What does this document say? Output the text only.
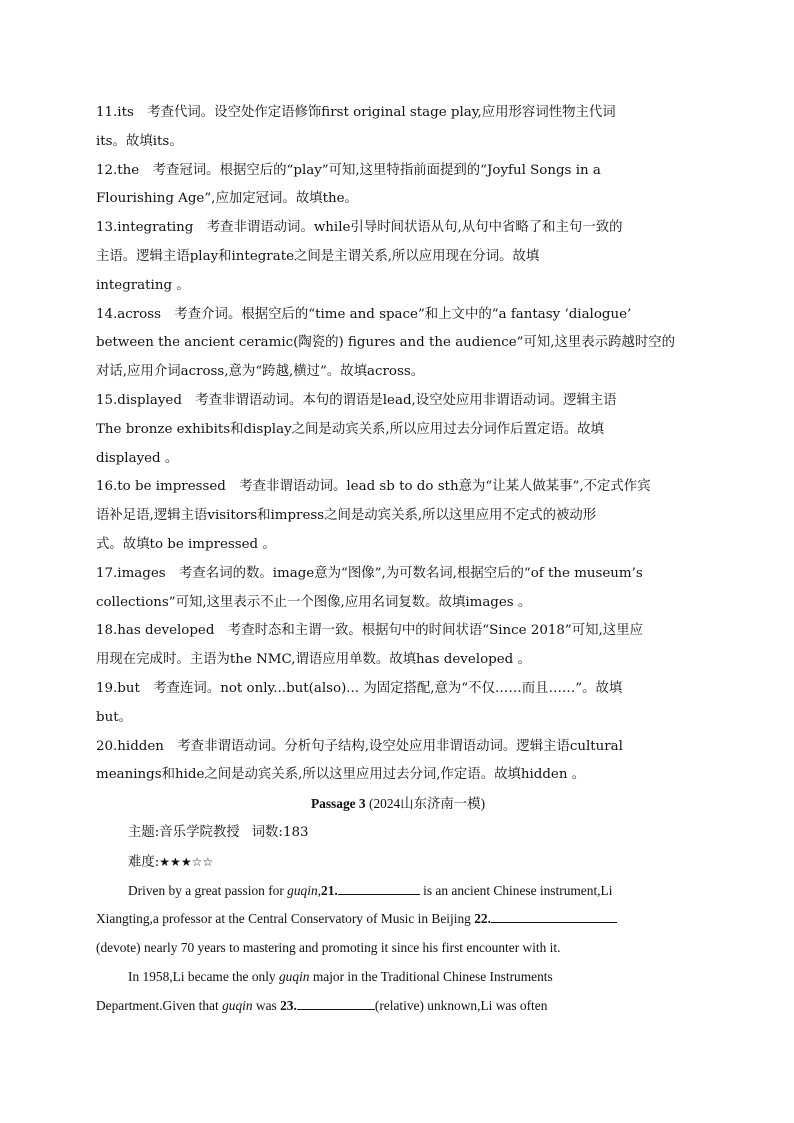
11.its　考查代词。设空处作定语修饰first original stage play,应用形容词性物主代词
its。故填its。
12.the　考查冠词。根据空后的“play”可知,这里特指前面提到的“Joyful Songs in a
Flourishing Age”,应加定冠词。故填the。
13.integrating　考查非谓语动词。while引导时间状语从句,从句中省略了和主句一致的
主语。逻辑主语play和integrate之间是主谓关系,所以应用现在分词。故填
integrating 。
14.across　考查介词。根据空后的“time and space”和上文中的“a fantasy ‘dialogue’
between the ancient ceramic(陶瓷的) figures and the audience”可知,这里表示跨越时空的
对话,应用介词across,意为“跨越,横过”。故填across。
15.displayed　考查非谓语动词。本句的谓语是lead,设空处应用非谓语动词。逻辑主语
The bronze exhibits和display之间是动宾关系,所以应用过去分词作后置定语。故填
displayed 。
16.to be impressed　考查非谓语动词。lead sb to do sth意为“让某人做某事”,不定式作宾
语补足语,逻辑主语visitors和impress之间是动宾关系,所以这里应用不定式的被动形
式。故填to be impressed 。
17.images　考查名词的数。image意为“图像”,为可数名词,根据空后的“of the museum’s
collections”可知,这里表示不止一个图像,应用名词复数。故填images 。
18.has developed　考查时态和主谓一致。根据句中的时间状语“Since 2018”可知,这里应
用现在完成时。主语为the NMC,谓语应用单数。故填has developed 。
19.but　考查连词。not only...but(also)... 为固定搭配,意为“不仅……而且……”。故填
but。
20.hidden　考查非谓语动词。分析句子结构,设空处应用非谓语动词。逻辑主语cultural
meanings和hide之间是动宾关系,所以这里应用过去分词,作定语。故填hidden 。
Passage 3 (2024山东济南一模)
主题:音乐学院教授 词数:183
难度:★★★☆☆
Driven by a great passion for guqin,21.	is an ancient Chinese instrument,Li
Xiangting,a professor at the Central Conservatory of Music in Beijing 22.
(devote) nearly 70 years to mastering and promoting it since his first encounter with it.
In 1958,Li became the only guqin major in the Traditional Chinese Instruments
Department.Given that guqin was 23.	(relative) unknown,Li was often
